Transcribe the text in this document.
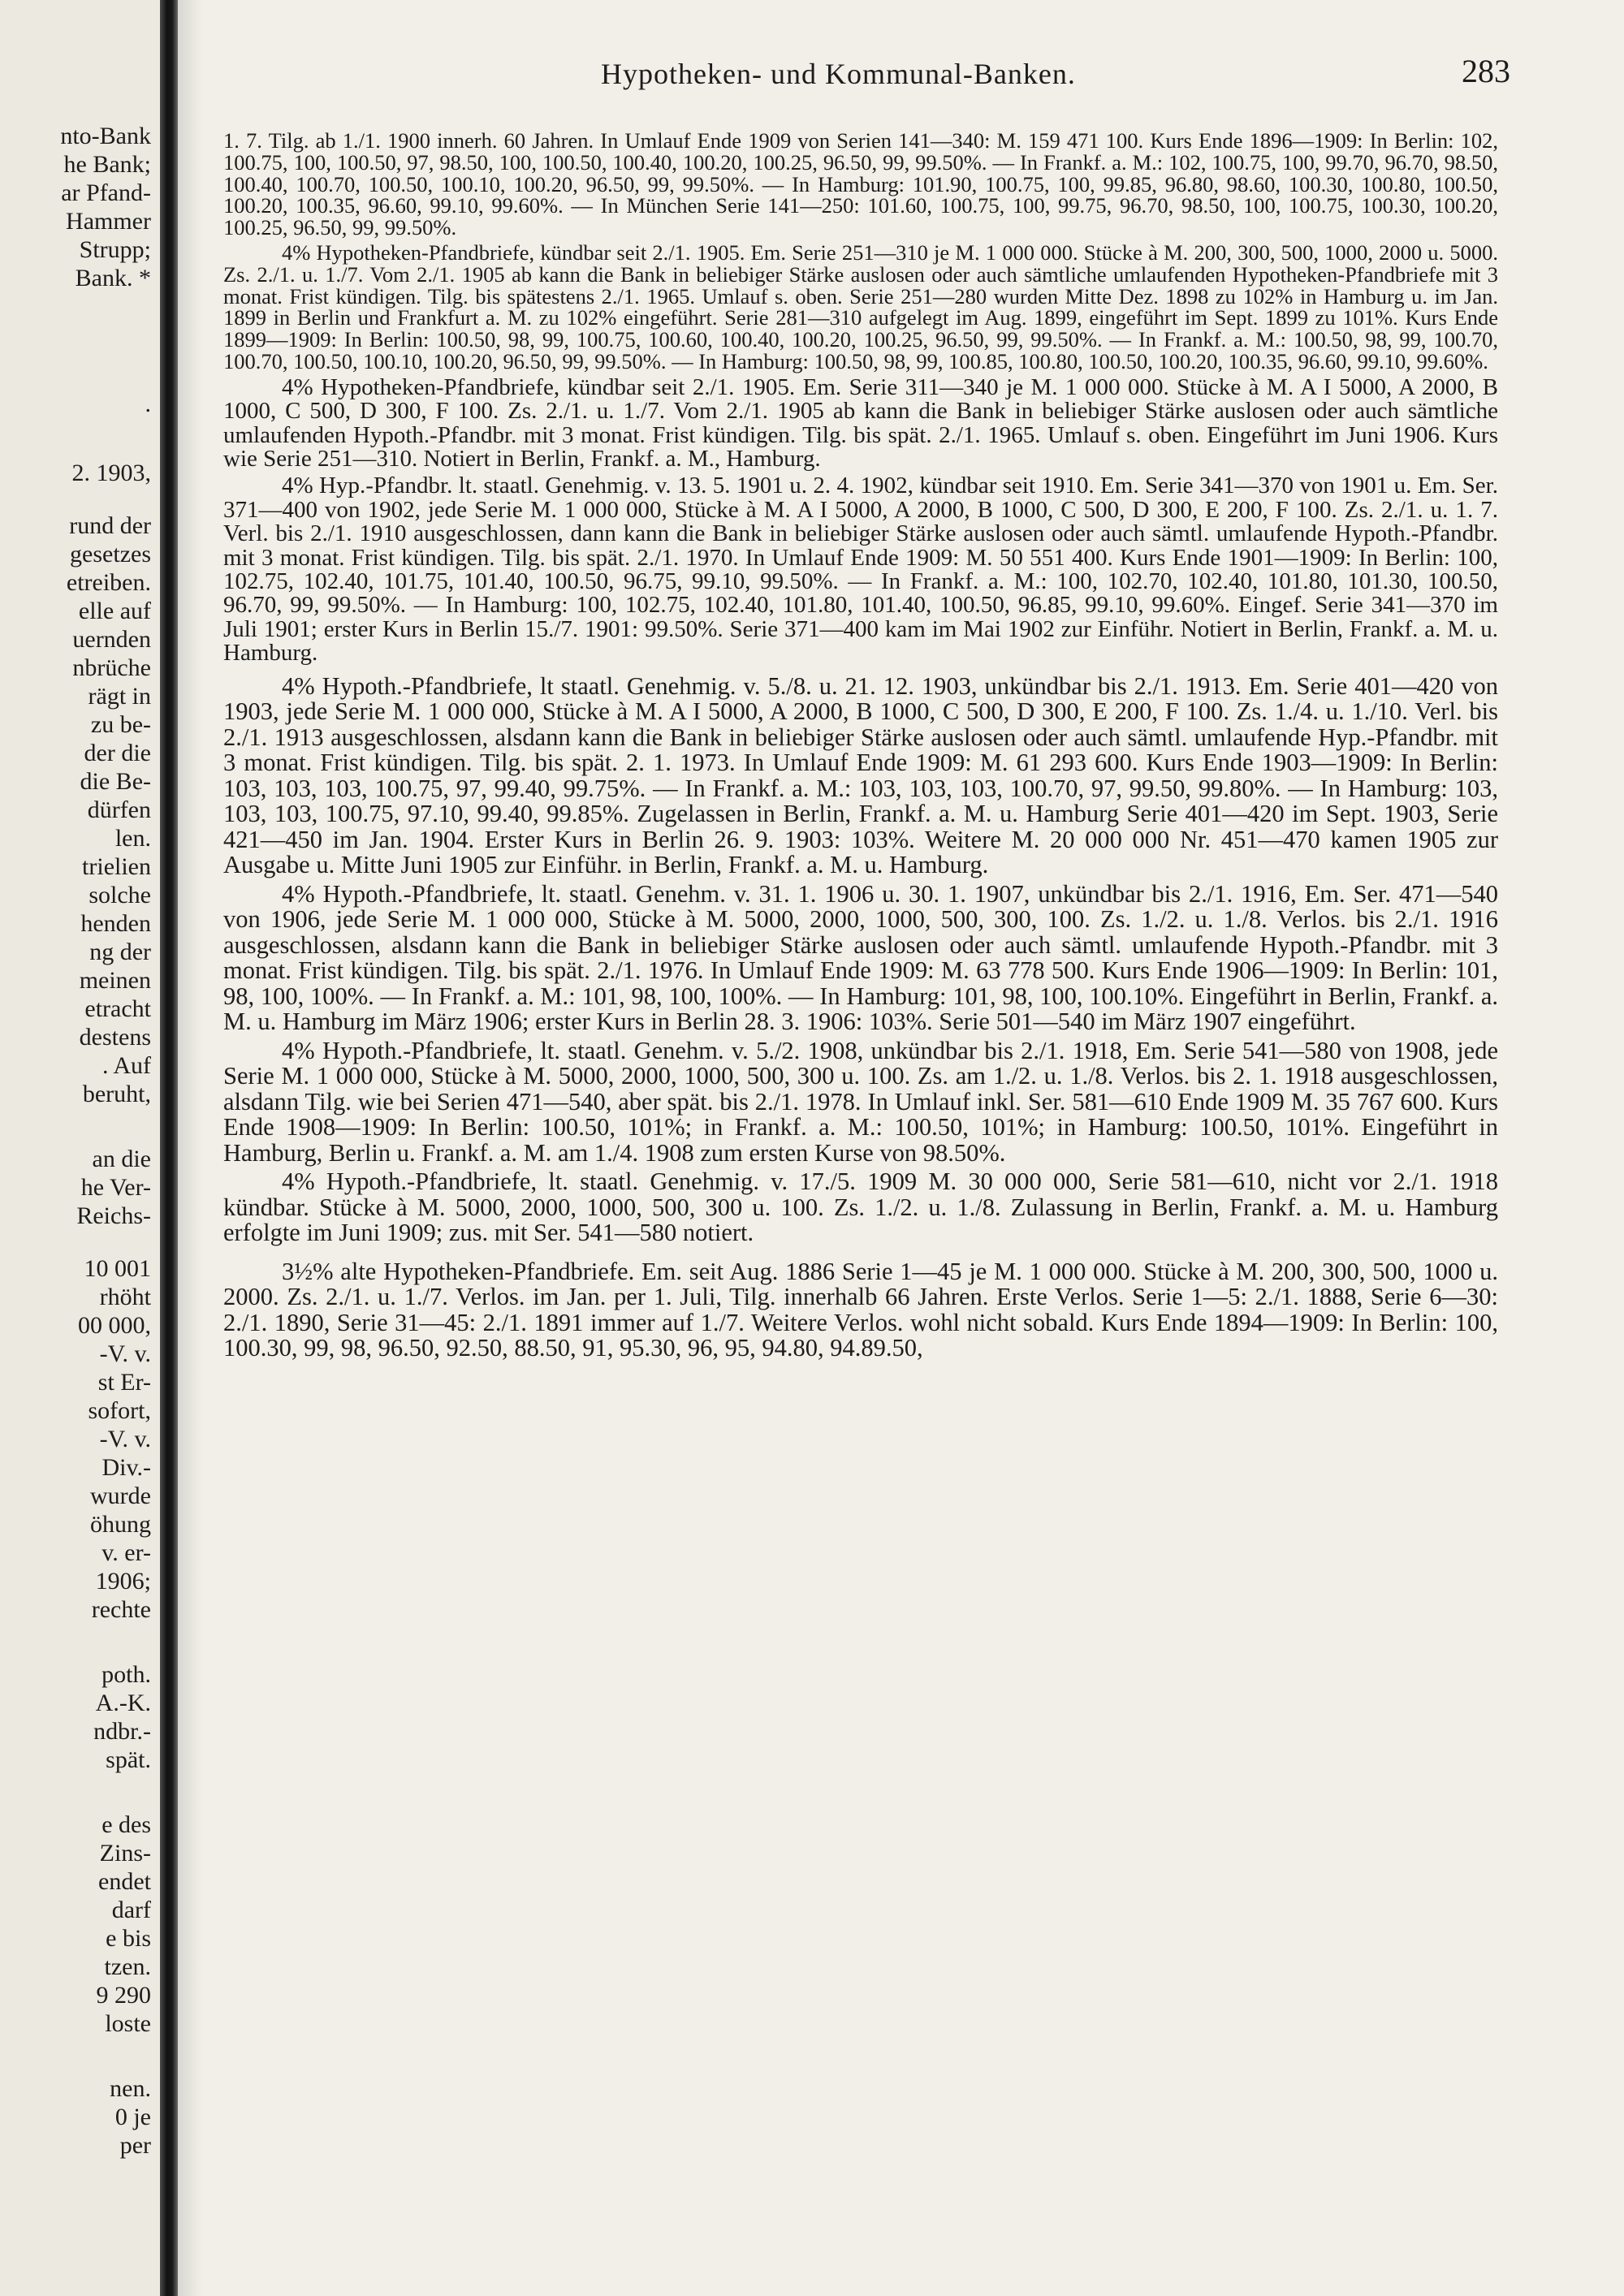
nto-Bank
he Bank;
ar Pfand-
Hammer
Strupp;
Bank. *
.
2. 1903,
rund der
gesetzes
etreiben.
elle auf
uernden
nbrüche
rägt in
zu be-
der die
die Be-
dürfen
len.
trielien
solche
henden
ng der
meinen
etracht
destens
. Auf
beruht,
an die
he Ver-
Reichs-
10 001
rhöht
00 000,
-V. v.
st Er-
sofort,
-V. v.
Div.-
wurde
öhung
v. er-
1906;
rechte
poth.
A.-K.
ndbr.-
spät.
e des
Zins-
endet
darf
e bis
tzen.
9 290
loste
nen.
0 je
per
Hypotheken- und Kommunal-Banken.	283

1. 7. Tilg. ab 1./1. 1900 innerh. 60 Jahren. In Umlauf Ende 1909 von Serien 141—340: M. 159 471 100. Kurs Ende 1896—1909: In Berlin: 102, 100.75, 100, 100.50, 97, 98.50, 100, 100.50, 100.40, 100.20, 100.25, 96.50, 99, 99.50%. — In Frankf. a. M.: 102, 100.75, 100, 99.70, 96.70, 98.50, 100.40, 100.70, 100.50, 100.10, 100.20, 96.50, 99, 99.50%. — In Hamburg: 101.90, 100.75, 100, 99.85, 96.80, 98.60, 100.30, 100.80, 100.50, 100.20, 100.35, 96.60, 99.10, 99.60%. — In München Serie 141—250: 101.60, 100.75, 100, 99.75, 96.70, 98.50, 100, 100.75, 100.30, 100.20, 100.25, 96.50, 99, 99.50%.

4% Hypotheken-Pfandbriefe, kündbar seit 2./1. 1905. Em. Serie 251—310 je M. 1 000 000. Stücke à M. 200, 300, 500, 1000, 2000 u. 5000. Zs. 2./1. u. 1./7. Vom 2./1. 1905 ab kann die Bank in beliebiger Stärke auslosen oder auch sämtliche umlaufenden Hypotheken-Pfandbriefe mit 3 monat. Frist kündigen. Tilg. bis spätestens 2./1. 1965. Umlauf s. oben. Serie 251—280 wurden Mitte Dez. 1898 zu 102% in Hamburg u. im Jan. 1899 in Berlin und Frankfurt a. M. zu 102% eingeführt. Serie 281—310 aufgelegt im Aug. 1899, eingeführt im Sept. 1899 zu 101%. Kurs Ende 1899—1909: In Berlin: 100.50, 98, 99, 100.75, 100.60, 100.40, 100.20, 100.25, 96.50, 99, 99.50%. — In Frankf. a. M.: 100.50, 98, 99, 100.70, 100.70, 100.50, 100.10, 100.20, 96.50, 99, 99.50%. — In Hamburg: 100.50, 98, 99, 100.85, 100.80, 100.50, 100.20, 100.35, 96.60, 99.10, 99.60%.

4% Hypotheken-Pfandbriefe, kündbar seit 2./1. 1905. Em. Serie 311—340 je M. 1 000 000. Stücke à M. A I 5000, A 2000, B 1000, C 500, D 300, F 100. Zs. 2./1. u. 1./7. Vom 2./1. 1905 ab kann die Bank in beliebiger Stärke auslosen oder auch sämtliche umlaufenden Hypoth.-Pfandbr. mit 3 monat. Frist kündigen. Tilg. bis spät. 2./1. 1965. Umlauf s. oben. Eingeführt im Juni 1906. Kurs wie Serie 251—310. Notiert in Berlin, Frankf. a. M., Hamburg.

4% Hyp.-Pfandbr. lt. staatl. Genehmig. v. 13. 5. 1901 u. 2. 4. 1902, kündbar seit 1910. Em. Serie 341—370 von 1901 u. Em. Ser. 371—400 von 1902, jede Serie M. 1 000 000, Stücke à M. A I 5000, A 2000, B 1000, C 500, D 300, E 200, F 100. Zs. 2./1. u. 1. 7. Verl. bis 2./1. 1910 ausgeschlossen, dann kann die Bank in beliebiger Stärke auslosen oder auch sämtl. umlaufende Hypoth.-Pfandbr. mit 3 monat. Frist kündigen. Tilg. bis spät. 2./1. 1970. In Umlauf Ende 1909: M. 50 551 400. Kurs Ende 1901—1909: In Berlin: 100, 102.75, 102.40, 101.75, 101.40, 100.50, 96.75, 99.10, 99.50%. — In Frankf. a. M.: 100, 102.70, 102.40, 101.80, 101.30, 100.50, 96.70, 99, 99.50%. — In Hamburg: 100, 102.75, 102.40, 101.80, 101.40, 100.50, 96.85, 99.10, 99.60%. Eingef. Serie 341—370 im Juli 1901; erster Kurs in Berlin 15./7. 1901: 99.50%. Serie 371—400 kam im Mai 1902 zur Einführ. Notiert in Berlin, Frankf. a. M. u. Hamburg.

4% Hypoth.-Pfandbriefe, lt staatl. Genehmig. v. 5./8. u. 21. 12. 1903, unkündbar bis 2./1. 1913. Em. Serie 401—420 von 1903, jede Serie M. 1 000 000, Stücke à M. A I 5000, A 2000, B 1000, C 500, D 300, E 200, F 100. Zs. 1./4. u. 1./10. Verl. bis 2./1. 1913 ausgeschlossen, alsdann kann die Bank in beliebiger Stärke auslosen oder auch sämtl. umlaufende Hyp.-Pfandbr. mit 3 monat. Frist kündigen. Tilg. bis spät. 2. 1. 1973. In Umlauf Ende 1909: M. 61 293 600. Kurs Ende 1903—1909: In Berlin: 103, 103, 103, 100.75, 97, 99.40, 99.75%. — In Frankf. a. M.: 103, 103, 103, 100.70, 97, 99.50, 99.80%. — In Hamburg: 103, 103, 103, 100.75, 97.10, 99.40, 99.85%. Zugelassen in Berlin, Frankf. a. M. u. Hamburg Serie 401—420 im Sept. 1903, Serie 421—450 im Jan. 1904. Erster Kurs in Berlin 26. 9. 1903: 103%. Weitere M. 20 000 000 Nr. 451—470 kamen 1905 zur Ausgabe u. Mitte Juni 1905 zur Einführ. in Berlin, Frankf. a. M. u. Hamburg.

4% Hypoth.-Pfandbriefe, lt. staatl. Genehm. v. 31. 1. 1906 u. 30. 1. 1907, unkündbar bis 2./1. 1916, Em. Ser. 471—540 von 1906, jede Serie M. 1 000 000, Stücke à M. 5000, 2000, 1000, 500, 300, 100. Zs. 1./2. u. 1./8. Verlos. bis 2./1. 1916 ausgeschlossen, alsdann kann die Bank in beliebiger Stärke auslosen oder auch sämtl. umlaufende Hypoth.-Pfandbr. mit 3 monat. Frist kündigen. Tilg. bis spät. 2./1. 1976. In Umlauf Ende 1909: M. 63 778 500. Kurs Ende 1906—1909: In Berlin: 101, 98, 100, 100%. — In Frankf. a. M.: 101, 98, 100, 100%. — In Hamburg: 101, 98, 100, 100.10%. Eingeführt in Berlin, Frankf. a. M. u. Hamburg im März 1906; erster Kurs in Berlin 28. 3. 1906: 103%. Serie 501—540 im März 1907 eingeführt.

4% Hypoth.-Pfandbriefe, lt. staatl. Genehm. v. 5./2. 1908, unkündbar bis 2./1. 1918, Em. Serie 541—580 von 1908, jede Serie M. 1 000 000, Stücke à M. 5000, 2000, 1000, 500, 300 u. 100. Zs. am 1./2. u. 1./8. Verlos. bis 2. 1. 1918 ausgeschlossen, alsdann Tilg. wie bei Serien 471—540, aber spät. bis 2./1. 1978. In Umlauf inkl. Ser. 581—610 Ende 1909 M. 35 767 600. Kurs Ende 1908—1909: In Berlin: 100.50, 101%; in Frankf. a. M.: 100.50, 101%; in Hamburg: 100.50, 101%. Eingeführt in Hamburg, Berlin u. Frankf. a. M. am 1./4. 1908 zum ersten Kurse von 98.50%.

4% Hypoth.-Pfandbriefe, lt. staatl. Genehmig. v. 17./5. 1909 M. 30 000 000, Serie 581—610, nicht vor 2./1. 1918 kündbar. Stücke à M. 5000, 2000, 1000, 500, 300 u. 100. Zs. 1./2. u. 1./8. Zulassung in Berlin, Frankf. a. M. u. Hamburg erfolgte im Juni 1909; zus. mit Ser. 541—580 notiert.

3½% alte Hypotheken-Pfandbriefe. Em. seit Aug. 1886 Serie 1—45 je M. 1 000 000. Stücke à M. 200, 300, 500, 1000 u. 2000. Zs. 2./1. u. 1./7. Verlos. im Jan. per 1. Juli, Tilg. innerhalb 66 Jahren. Erste Verlos. Serie 1—5: 2./1. 1888, Serie 6—30: 2./1. 1890, Serie 31—45: 2./1. 1891 immer auf 1./7. Weitere Verlos. wohl nicht sobald. Kurs Ende 1894—1909: In Berlin: 100, 100.30, 99, 98, 96.50, 92.50, 88.50, 91, 95.30, 96, 95, 94.80, 94.89.50,
